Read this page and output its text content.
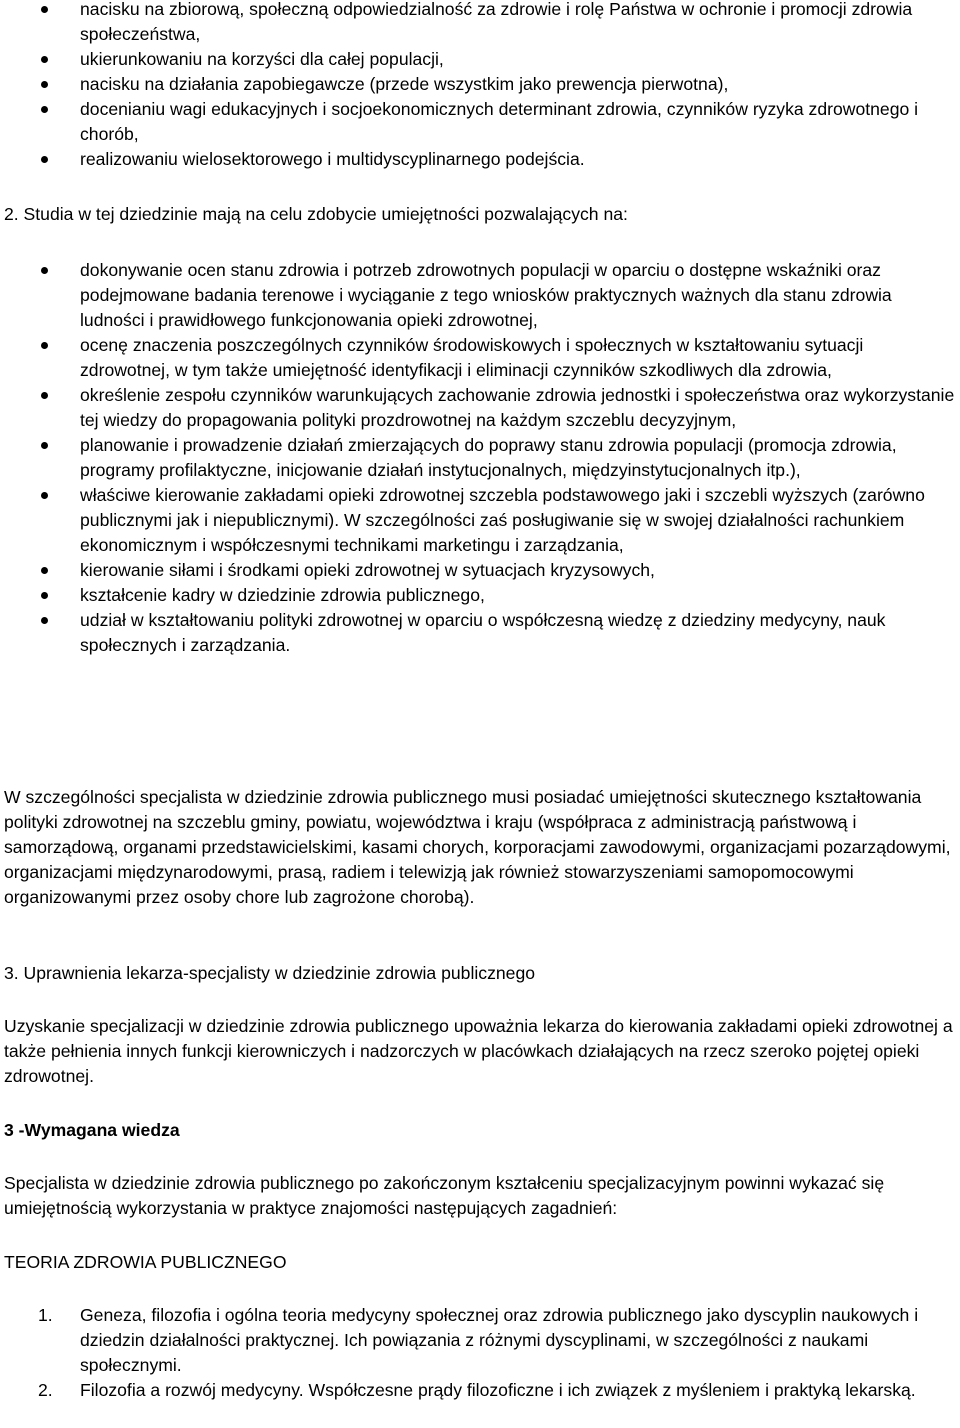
nacisku na zbiorową, społeczną odpowiedzialność za zdrowie i rolę Państwa w ochronie i promocji zdrowia społeczeństwa,
ukierunkowaniu na korzyści dla całej populacji,
nacisku na działania zapobiegawcze (przede wszystkim jako prewencja pierwotna),
docenianiu wagi edukacyjnych i socjoekonomicznych determinant zdrowia, czynników ryzyka zdrowotnego i chorób,
realizowaniu wielosektorowego i multidyscyplinarnego podejścia.

2. Studia w tej dziedzinie mają na celu zdobycie umiejętności pozwalających na:

dokonywanie ocen stanu zdrowia i potrzeb zdrowotnych populacji w oparciu o dostępne wskaźniki oraz podejmowane badania terenowe i wyciąganie z tego wniosków praktycznych ważnych dla stanu zdrowia ludności i prawidłowego funkcjonowania opieki zdrowotnej,
ocenę znaczenia poszczególnych czynników środowiskowych i społecznych w kształtowaniu sytuacji zdrowotnej, w tym także umiejętność identyfikacji i eliminacji czynników szkodliwych dla zdrowia,
określenie zespołu czynników warunkujących zachowanie zdrowia jednostki i społeczeństwa oraz wykorzystanie tej wiedzy do propagowania polityki prozdrowotnej na każdym szczeblu decyzyjnym,
planowanie i prowadzenie działań zmierzających do poprawy stanu zdrowia populacji (promocja zdrowia, programy profilaktyczne, inicjowanie działań instytucjonalnych, międzyinstytucjonalnych itp.),
właściwe kierowanie zakładami opieki zdrowotnej szczebla podstawowego jaki i szczebli wyższych (zarówno publicznymi jak i niepublicznymi). W szczególności zaś posługiwanie się w swojej działalności rachunkiem ekonomicznym i współczesnymi technikami marketingu i zarządzania,
kierowanie siłami i środkami opieki zdrowotnej w sytuacjach kryzysowych,
kształcenie kadry w dziedzinie zdrowia publicznego,
udział w kształtowaniu polityki zdrowotnej w oparciu o współczesną wiedzę z dziedziny medycyny, nauk społecznych i zarządzania.

W szczególności specjalista w dziedzinie zdrowia publicznego musi posiadać umiejętności skutecznego kształtowania polityki zdrowotnej na szczeblu gminy, powiatu, województwa i kraju (współpraca z administracją państwową i samorządową, organami przedstawicielskimi, kasami chorych, korporacjami zawodowymi, organizacjami pozarządowymi, organizacjami międzynarodowymi, prasą, radiem i telewizją jak również stowarzyszeniami samopomocowymi organizowanymi przez osoby chore lub zagrożone chorobą).

3. Uprawnienia lekarza-specjalisty w dziedzinie zdrowia publicznego

Uzyskanie specjalizacji w dziedzinie zdrowia publicznego upoważnia lekarza do kierowania zakładami opieki zdrowotnej a także pełnienia innych funkcji kierowniczych i nadzorczych w placówkach działających na rzecz szeroko pojętej opieki zdrowotnej.

3 -Wymagana wiedza

Specjalista w dziedzinie zdrowia publicznego po zakończonym kształceniu specjalizacyjnym powinni wykazać się umiejętnością wykorzystania w praktyce znajomości następujących zagadnień:

TEORIA ZDROWIA PUBLICZNEGO

1. Geneza, filozofia i ogólna teoria medycyny społecznej oraz zdrowia publicznego jako dyscyplin naukowych i dziedzin działalności praktycznej. Ich powiązania z różnymi dyscyplinami, w szczególności z naukami społecznymi.
2. Filozofia a rozwój medycyny. Współczesne prądy filozoficzne i ich związek z myśleniem i praktyką lekarską.
